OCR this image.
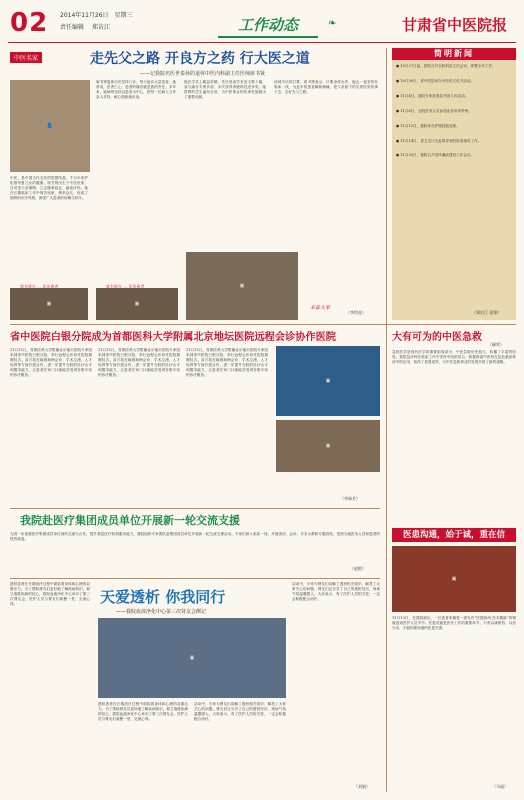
02 2014年11月26日 星期三
责任编辑 郑访江	工作动态	❧	甘肃省中医院报
中医名家	走先父之路 开良方之药 行大医之道
——记我院名医世泰孙的退休中医内科副主任医师席书贤
👤
中医，是中国古代名医的智慧结晶，千百年来护佑着华夏儿女的健康。席书贤出生于中医世家，自幼受父亲熏陶，立志继承祖业，悬壶济世。她在长期临床工作中刻苦钻研，博采众长，形成了独特的诊疗风格，深受广大患者的信赖与好评。
席书贤退休后仍坚持门诊，每天接诊大量患者。她常说，医者仁心，患者的痛苦就是我的责任。多年来，她始终坚持以患者为中心，把每一位病人当作亲人对待，耐心细致地诊治。
她在学术上精益求精，先后发表学术论文数十篇，参与编写专著多部，多次获得省级科技进步奖。她带教的学生遍布全省，为中医事业的传承发展做出了重要贡献。
谈到今后的打算，席书贤表示，只要身体允许，她会一直坚持在临床一线，为更多的患者解除病痛，把父亲留下的宝贵经验传承下去，走好先父之路。
▣	▣
▣
席书贤在 ... 诊治患者	席书贤在 ... 诊治患者
来看大家
（李绍亮）
简明新闻
● 10月27日起，我院召开全院科室主任会议，部署全年工作。
● 10月30日，省中医院举办中医药文化节活动。
● 11月4日，我院专家赴基层开展义诊活动。
● 11月6日，全院医务人员参加业务培训考核。
● 11月12日，我院举办护理技能竞赛。
● 11月14日，省卫生计生委领导来院检查指导工作。
● 11月20日，我院召开党风廉政建设工作会议。
（郑访江 张锦）
省中医院白银分院成为首都医科大学附属北京地坛医院远程会诊协作医院
11月15日，首都医科大学附属北京地坛医院专家组来到省中医院白银分院，举行远程会诊协作医院揭牌仪式。双方将在疑难病例会诊、学术交流、人才培养等方面开展合作，进一步提升分院的诊疗水平和服务能力，让患者在家门口就能享受到首都专家的诊疗服务。
11月15日，首都医科大学附属北京地坛医院专家组来到省中医院白银分院，举行远程会诊协作医院揭牌仪式。双方将在疑难病例会诊、学术交流、人才培养等方面开展合作，进一步提升分院的诊疗水平和服务能力，让患者在家门口就能享受到首都专家的诊疗服务。
11月15日，首都医科大学附属北京地坛医院专家组来到省中医院白银分院，举行远程会诊协作医院揭牌仪式。双方将在疑难病例会诊、学术交流、人才培养等方面开展合作，进一步提升分院的诊疗水平和服务能力，让患者在家门口就能享受到首都专家的诊疗服务。
▣
▣
（李瑞芳）
大有可为的中医急救
（颜荣）
急救医学是现代医学的重要组成部分，中医急救历史悠久，积累了丰富的经验。我院急诊科在临床工作中坚持中西医结合，积极探索中医药在急危重症救治中的应用，取得了显著成效，为中医急救事业的发展开辟了新的道路。
我院赴医疗集团成员单位开展新一轮交流支援
为进一步加强医疗集团成员单位间的交流与合作，提升基层医疗机构服务能力，我院组织专家团队赴集团成员单位开展新一轮交流支援活动。专家们深入临床一线，开展查房、会诊、手术示教和专题讲座，受到当地医务人员和患者的热烈欢迎。
（赵艳）
医患沟通，始于诚，重在信
▣
11月13日，在我院病区，一位患者家属将一面写有“医德高尚 医术精湛”的锦旗送到医护人员手中。医患沟通是医疗工作的重要环节，只有以诚相待、以信为本，才能构建和谐的医患关系。
（马丽）
透析患者在长期治疗过程中面临着身体和心理的双重压力。为了帮助肾友们更好地了解疾病知识，树立战胜疾病的信心，我院血液净化中心举办了第三次肾友会，医护人员与肾友们欢聚一堂，交流心得。	天爱透析 你我同行
——我院血液净化中心第三次肾友会侧记
▣
透析患者在长期治疗过程中面临着身体和心理的双重压力。为了帮助肾友们更好地了解疾病知识，树立战胜疾病的信心，我院血液净化中心举办了第三次肾友会，医护人员与肾友们欢聚一堂，交流心得。
活动中，专家为肾友们讲解了透析相关知识，解答了大家关心的问题。肾友们还分享了自己的透析经历，现场气氛温馨感人。大家表示，有了医护人员的关爱，一定会积极配合治疗。
活动中，专家为肾友们讲解了透析相关知识，解答了大家关心的问题。肾友们还分享了自己的透析经历，现场气氛温馨感人。大家表示，有了医护人员的关爱，一定会积极配合治疗。
（刘娟）
